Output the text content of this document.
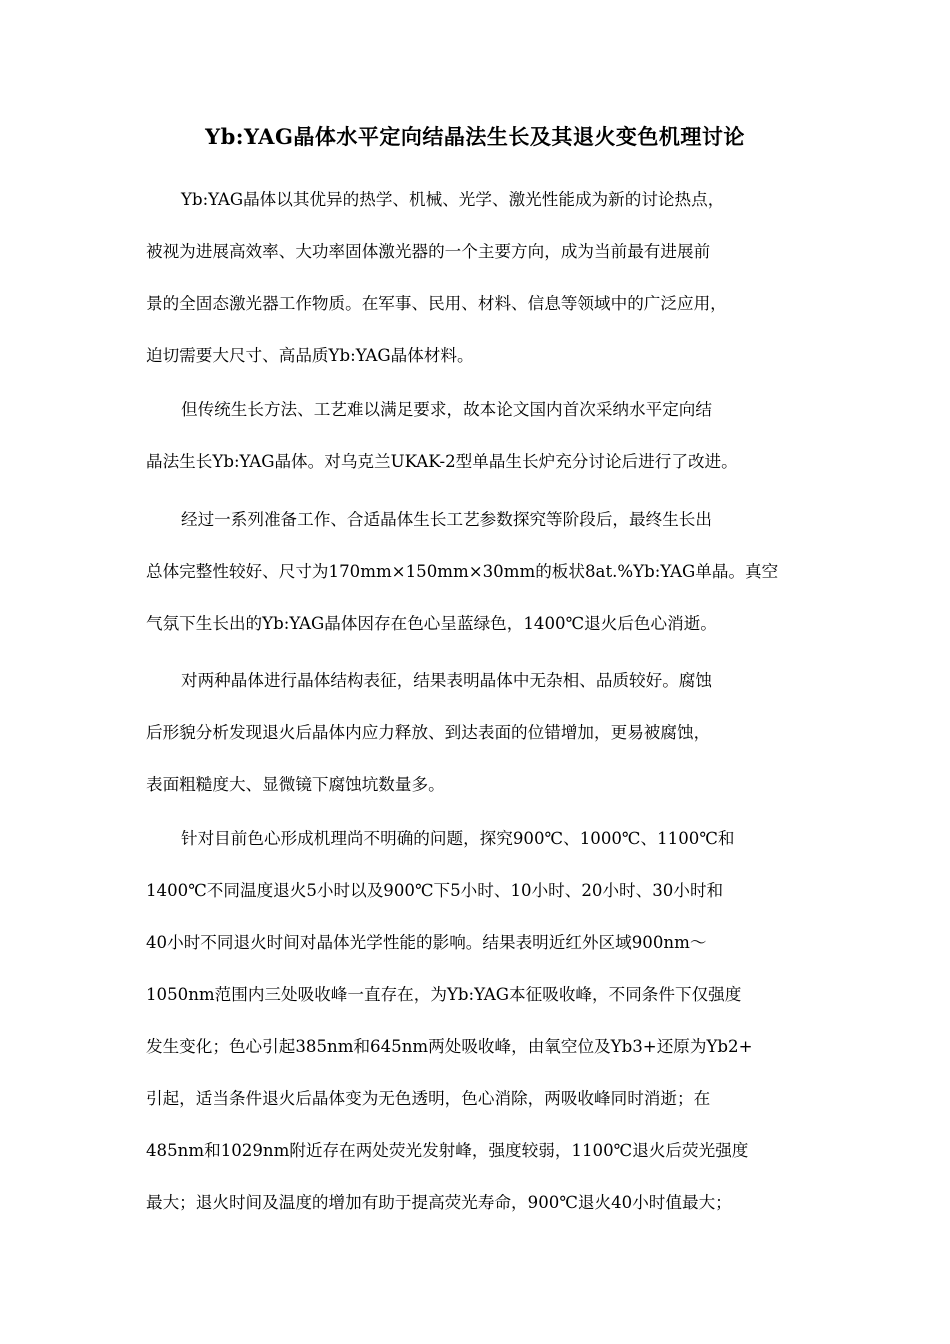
Yb:YAG晶体水平定向结晶法生长及其退火变色机理讨论
Yb:YAG晶体以其优异的热学、机械、光学、激光性能成为新的讨论热点，
被视为进展高效率、大功率固体激光器的一个主要方向，成为当前最有进展前
景的全固态激光器工作物质。在军事、民用、材料、信息等领域中的广泛应用，
迫切需要大尺寸、高品质Yb:YAG晶体材料。
但传统生长方法、工艺难以满足要求，故本论文国内首次采纳水平定向结
晶法生长Yb:YAG晶体。对乌克兰UKAK-2型单晶生长炉充分讨论后进行了改进。
经过一系列准备工作、合适晶体生长工艺参数探究等阶段后，最终生长出
总体完整性较好、尺寸为170mm×150mm×30mm的板状8at.%Yb:YAG单晶。真空
气氛下生长出的Yb:YAG晶体因存在色心呈蓝绿色，1400℃退火后色心消逝。
对两种晶体进行晶体结构表征，结果表明晶体中无杂相、品质较好。腐蚀
后形貌分析发现退火后晶体内应力释放、到达表面的位错增加，更易被腐蚀，
表面粗糙度大、显微镜下腐蚀坑数量多。
针对目前色心形成机理尚不明确的问题，探究900℃、1000℃、1100℃和
1400℃不同温度退火5小时以及900℃下5小时、10小时、20小时、30小时和
40小时不同退火时间对晶体光学性能的影响。结果表明近红外区域900nm～
1050nm范围内三处吸收峰一直存在，为Yb:YAG本征吸收峰，不同条件下仅强度
发生变化；色心引起385nm和645nm两处吸收峰，由氧空位及Yb3+还原为Yb2+
引起，适当条件退火后晶体变为无色透明，色心消除，两吸收峰同时消逝；在
485nm和1029nm附近存在两处荧光发射峰，强度较弱，1100℃退火后荧光强度
最大；退火时间及温度的增加有助于提高荧光寿命，900℃退火40小时值最大；
